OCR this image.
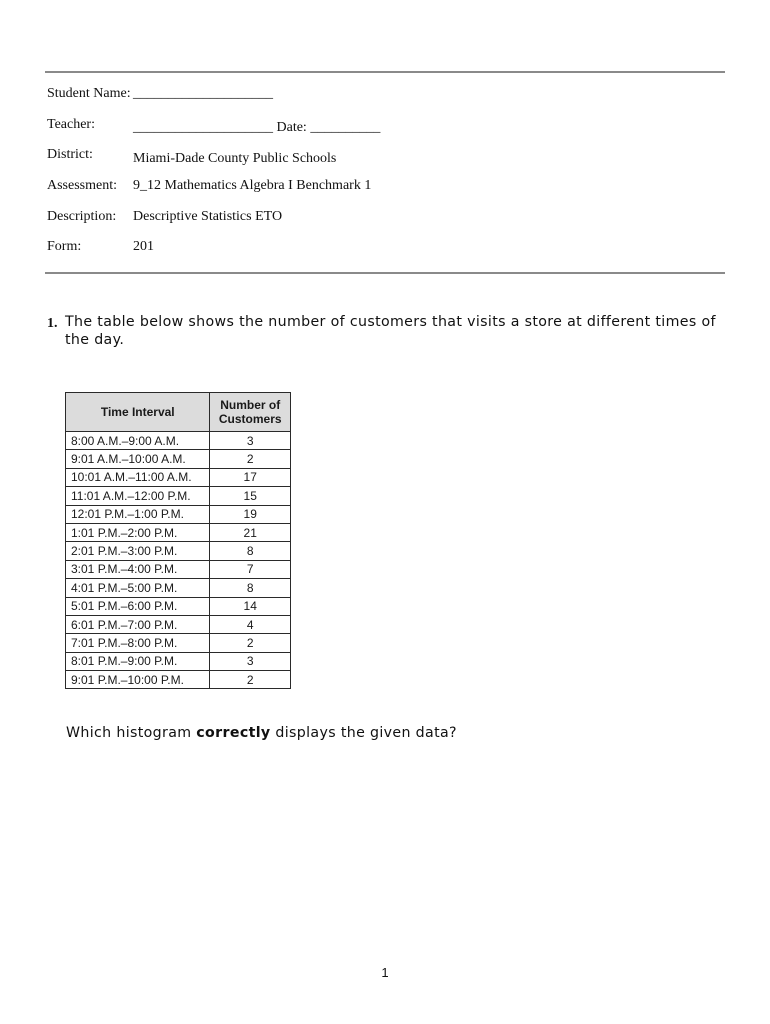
Student Name: ____________________
Teacher:	____________________ Date: __________
District:	Miami-Dade County Public Schools
Assessment: 9_12 Mathematics Algebra I Benchmark 1
Description: Descriptive Statistics ETO
Form:	201
1. The table below shows the number of customers that visits a store at different times of the day.
Time Interval	Number of Customers
8:00 A.M.–9:00 A.M.	3
9:01 A.M.–10:00 A.M.	2
10:01 A.M.–11:00 A.M.	17
11:01 A.M.–12:00 P.M.	15
12:01 P.M.–1:00 P.M.	19
1:01 P.M.–2:00 P.M.	21
2:01 P.M.–3:00 P.M.	8
3:01 P.M.–4:00 P.M.	7
4:01 P.M.–5:00 P.M.	8
5:01 P.M.–6:00 P.M.	14
6:01 P.M.–7:00 P.M.	4
7:01 P.M.–8:00 P.M.	2
8:01 P.M.–9:00 P.M.	3
9:01 P.M.–10:00 P.M.	2
Which histogram correctly displays the given data?
1
